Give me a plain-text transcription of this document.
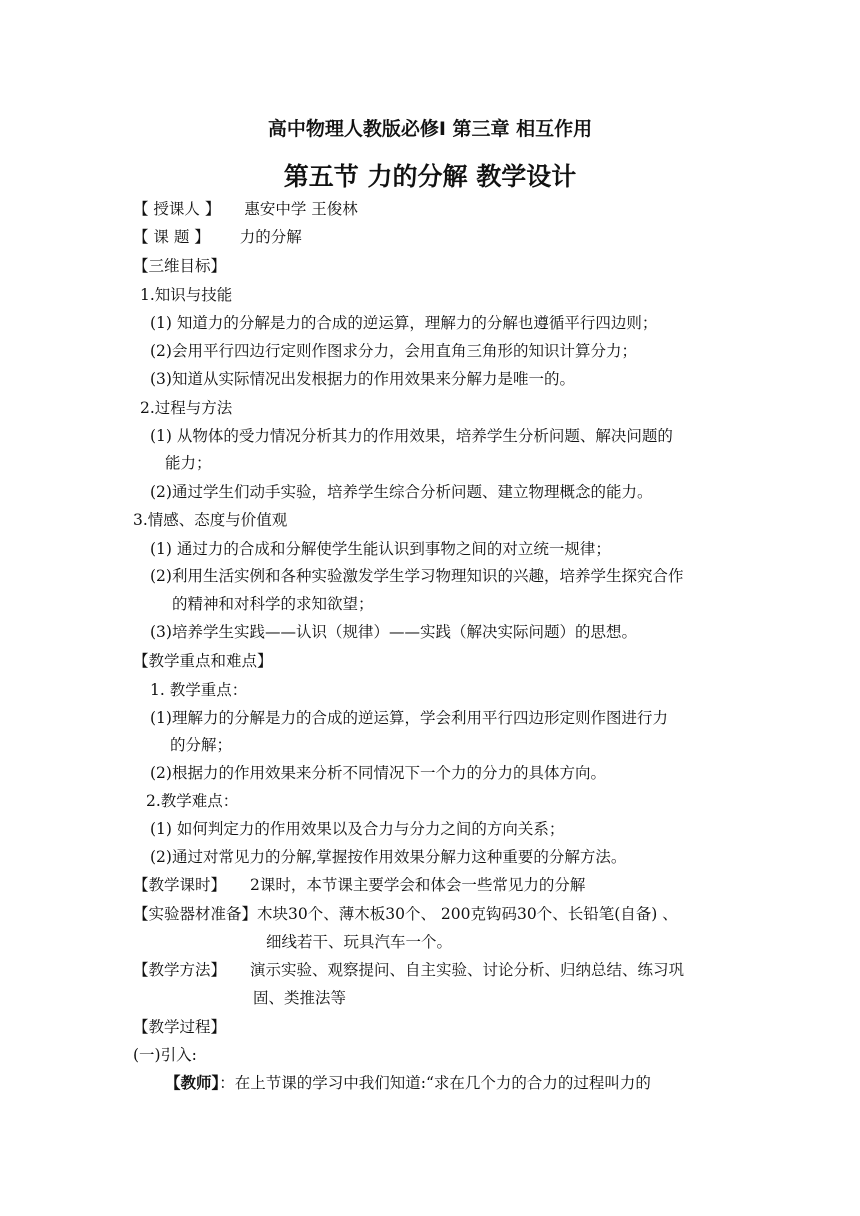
高中物理人教版必修Ⅰ 第三章 相互作用
第五节 力的分解 教学设计
【 授课人 】 惠安中学 王俊林
【 课 题 】 力的分解
【三维目标】
1.知识与技能
(1) 知道力的分解是力的合成的逆运算，理解力的分解也遵循平行四边则；
(2)会用平行四边行定则作图求分力，会用直角三角形的知识计算分力；
(3)知道从实际情况出发根据力的作用效果来分解力是唯一的。
2.过程与方法
(1) 从物体的受力情况分析其力的作用效果，培养学生分析问题、解决问题的
能力；
(2)通过学生们动手实验，培养学生综合分析问题、建立物理概念的能力。
3.情感、态度与价值观
(1) 通过力的合成和分解使学生能认识到事物之间的对立统一规律；
(2)利用生活实例和各种实验激发学生学习物理知识的兴趣，培养学生探究合作
的精神和对科学的求知欲望；
(3)培养学生实践——认识（规律）——实践（解决实际问题）的思想。
【教学重点和难点】
1. 教学重点：
(1)理解力的分解是力的合成的逆运算，学会利用平行四边形定则作图进行力
的分解；
(2)根据力的作用效果来分析不同情况下一个力的分力的具体方向。
2.教学难点：
(1) 如何判定力的作用效果以及合力与分力之间的方向关系；
(2)通过对常见力的分解,掌握按作用效果分解力这种重要的分解方法。
【教学课时】 2课时，本节课主要学会和体会一些常见力的分解
【实验器材准备】木块30个、薄木板30个、 200克钩码30个、长铅笔(自备) 、
细线若干、玩具汽车一个。
【教学方法】 演示实验、观察提问、自主实验、讨论分析、归纳总结、练习巩
固、类推法等
【教学过程】
(一)引入:
【教师】：在上节课的学习中我们知道:“求在几个力的合力的过程叫力的
